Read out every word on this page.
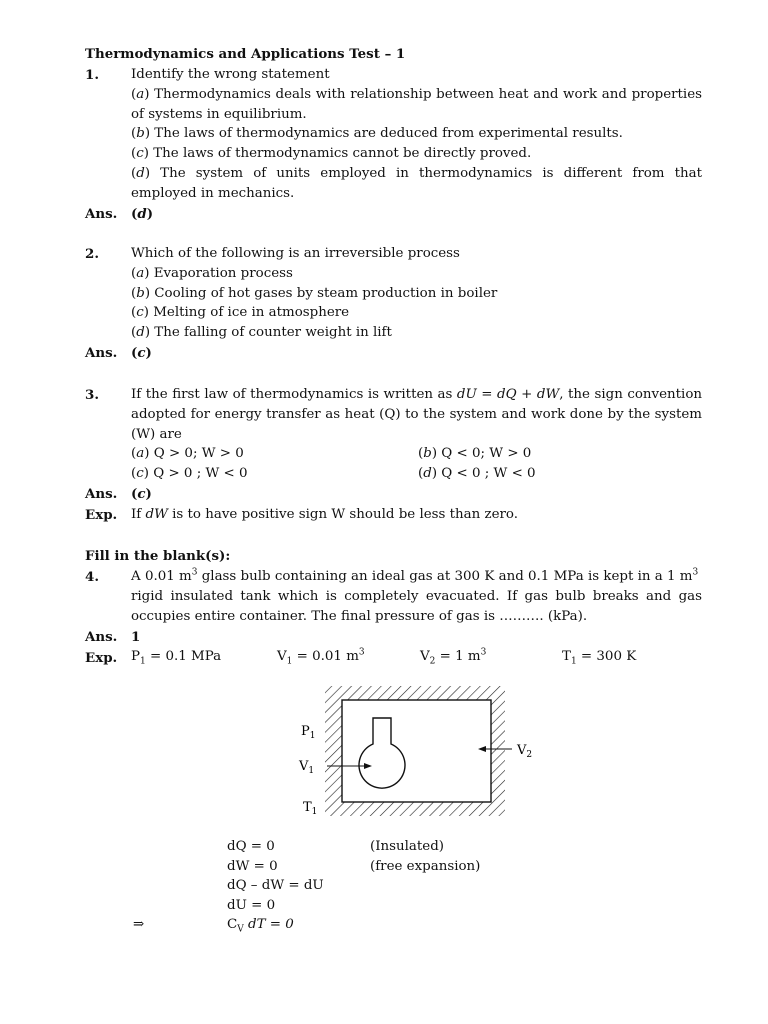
Thermodynamics and Applications Test – 1
1. Identify the wrong statement
(a) Thermodynamics deals with relationship between heat and work and properties of systems in equilibrium.
(b) The laws of thermodynamics are deduced from experimental results.
(c) The laws of thermodynamics cannot be directly proved.
(d) The system of units employed in thermodynamics is different from that employed in mechanics.
Ans. (d)
2. Which of the following is an irreversible process
(a) Evaporation process
(b) Cooling of hot gases by steam production in boiler
(c) Melting of ice in atmosphere
(d) The falling of counter weight in lift
Ans. (c)
3. If the first law of thermodynamics is written as dU = dQ + dW, the sign convention adopted for energy transfer as heat (Q) to the system and work done by the system (W) are
(a) Q > 0; W > 0	(b) Q < 0; W > 0
(c) Q > 0 ; W < 0	(d) Q < 0 ; W < 0
Ans. (c)
Exp. If dW is to have positive sign W should be less than zero.
Fill in the blank(s):
4. A 0.01 $m^3$ glass bulb containing an ideal gas at 300 K and 0.1 MPa is kept in a 1 $m^3$
rigid insulated tank which is completely evacuated. If gas bulb breaks and gas occupies entire container. The final pressure of gas is ………. (kPa).
Ans. 1
Exp. $P_1 = 0.1$ MPa	$V_1 = 0.01$ $m^3$	$V_2 = 1$ $m^3$	$T_1 = 300$ K
$P_1$
$V_1$
$T_1$
$V_2$
dQ = 0	(Insulated)
dW = 0	(free expansion)
dQ – dW = dU
dU = 0
⇒	$C_V$ dT = 0
